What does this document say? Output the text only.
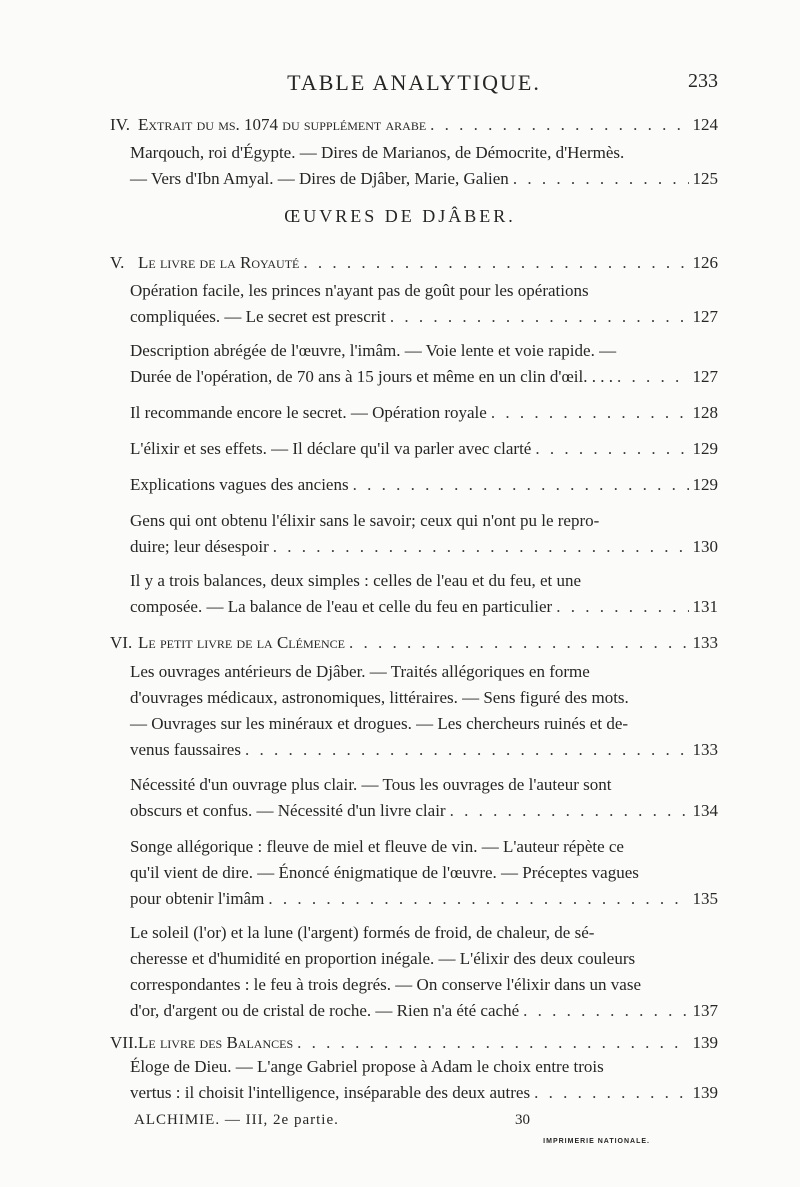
TABLE ANALYTIQUE.	233
IV. Extrait du ms. 1074 du supplément arabe . . .	124
Marqouch, roi d'Égypte. — Dires de Marianos, de Démocrite, d'Hermès.
— Vers d'Ibn Amyal. — Dires de Djâber, Marie, Galien . . .	125
ŒUVRES DE DJÂBER.
V. Le livre de la Royauté . . .	126
Opération facile, les princes n'ayant pas de goût pour les opérations
compliquées. — Le secret est prescrit . . .	127
Description abrégée de l'œuvre, l'imâm. — Voie lente et voie rapide. —
Durée de l'opération, de 70 ans à 15 jours et même en un clin d'œil. . . . . . .	127
Il recommande encore le secret. — Opération royale . . .	128
L'élixir et ses effets. — Il déclare qu'il va parler avec clarté . . .	129
Explications vagues des anciens . . .	129
Gens qui ont obtenu l'élixir sans le savoir; ceux qui n'ont pu le repro-
duire; leur désespoir . . .	130
Il y a trois balances, deux simples : celles de l'eau et du feu, et une
composée. — La balance de l'eau et celle du feu en particulier . . .	131
VI. Le petit livre de la Clémence . . .	133
Les ouvrages antérieurs de Djâber. — Traités allégoriques en forme
d'ouvrages médicaux, astronomiques, littéraires. — Sens figuré des mots.
— Ouvrages sur les minéraux et drogues. — Les chercheurs ruinés et de-
venus faussaires . . .	133
Nécessité d'un ouvrage plus clair. — Tous les ouvrages de l'auteur sont
obscurs et confus. — Nécessité d'un livre clair . . .	134
Songe allégorique : fleuve de miel et fleuve de vin. — L'auteur répète ce
qu'il vient de dire. — Énoncé énigmatique de l'œuvre. — Préceptes vagues
pour obtenir l'imâm . . .	135
Le soleil (l'or) et la lune (l'argent) formés de froid, de chaleur, de sé-
cheresse et d'humidité en proportion inégale. — L'élixir des deux couleurs
correspondantes : le feu à trois degrés. — On conserve l'élixir dans un vase
d'or, d'argent ou de cristal de roche. — Rien n'a été caché . . .	137
VII.Le livre des Balances . . .	139
Éloge de Dieu. — L'ange Gabriel propose à Adam le choix entre trois
vertus : il choisit l'intelligence, inséparable des deux autres . . .	139
ALCHIMIE. — III, 2e partie.	30
IMPRIMERIE NATIONALE.
